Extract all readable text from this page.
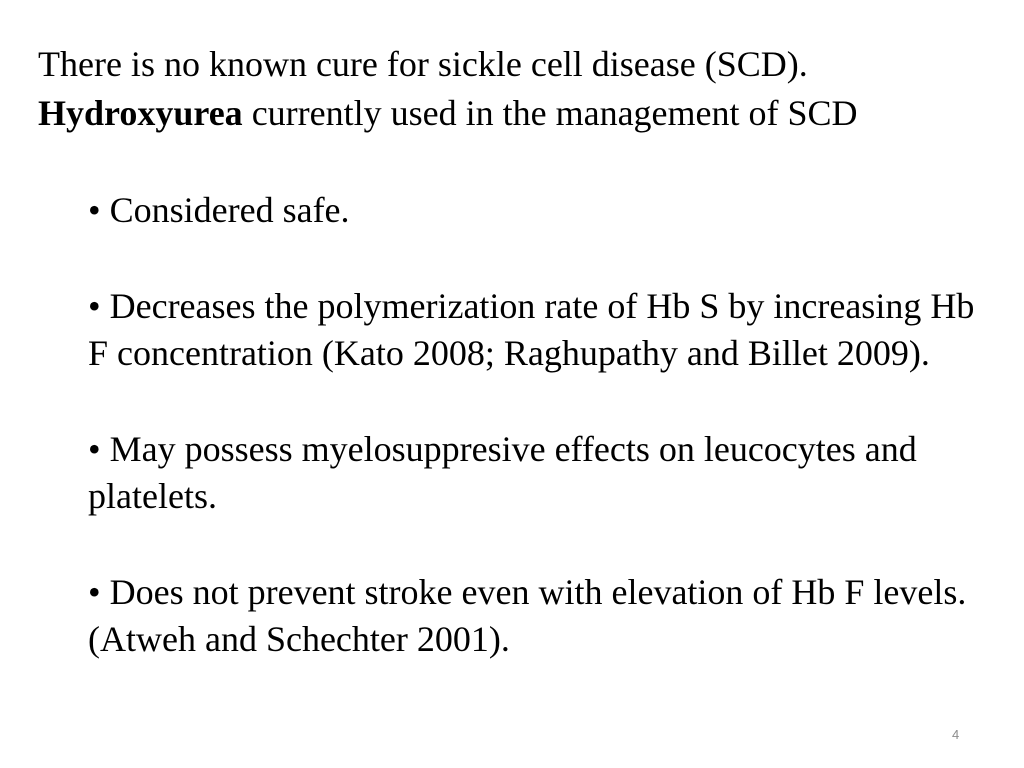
There is no known cure for sickle cell disease (SCD).

Hydroxyurea currently used in the management of SCD

• Considered safe.
• Decreases the polymerization rate of Hb S by increasing Hb F concentration (Kato 2008; Raghupathy and Billet 2009).
• May possess myelosuppresive effects on leucocytes and platelets.
• Does not prevent stroke even with elevation of Hb F levels. (Atweh and Schechter 2001).
4
